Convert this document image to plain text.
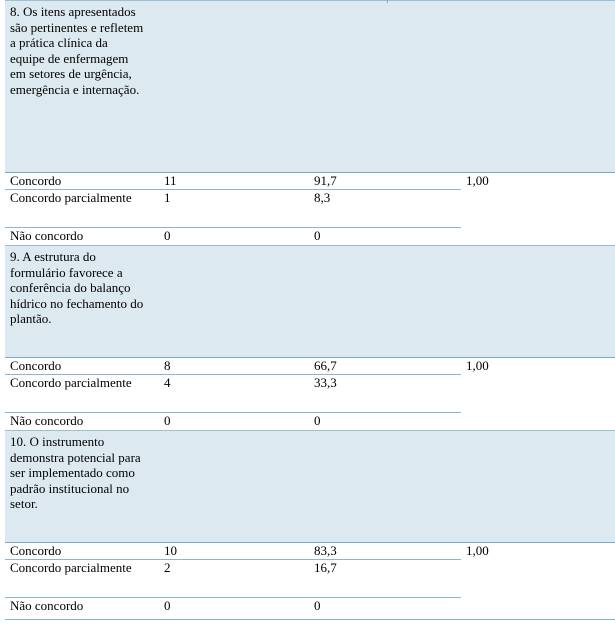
8. Os itens apresentados são pertinentes e refletem a prática clínica da equipe de enfermagem em setores de urgência, emergência e internação.
Concordo	11	91,7	1,00
Concordo parcialmente	1	8,3
Não concordo	0	0
9. A estrutura do formulário favorece a conferência do balanço hídrico no fechamento do plantão.
Concordo	8	66,7	1,00
Concordo parcialmente	4	33,3
Não concordo	0	0
10. O instrumento demonstra potencial para ser implementado como padrão institucional no setor.
Concordo	10	83,3	1,00
Concordo parcialmente	2	16,7
Não concordo	0	0
